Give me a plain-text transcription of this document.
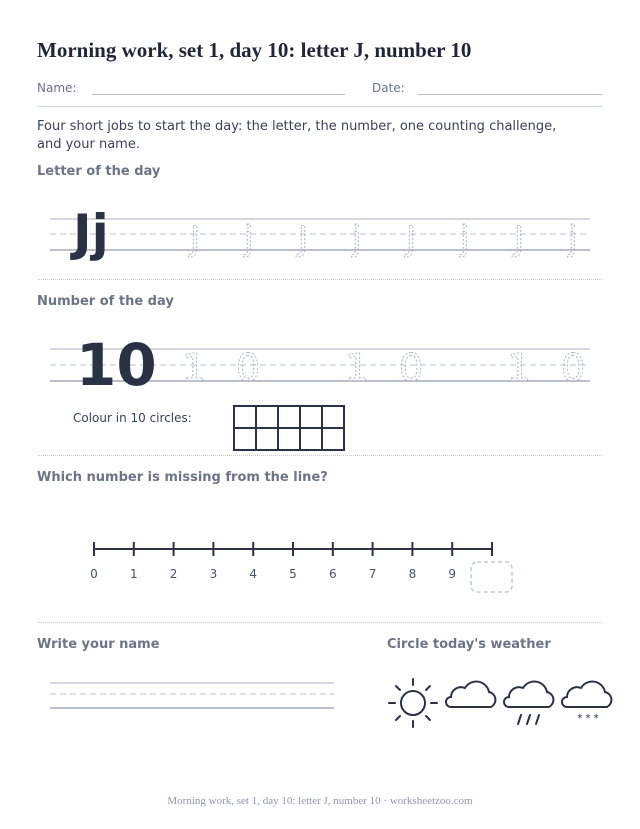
Morning work, set 1, day 10: letter J, number 10
Name:	Date:
Four short jobs to start the day: the letter, the number, one counting challenge, and your name.
Letter of the day
Jj J j J j J j J j
Number of the day
10 1 0 1 0 1 0
Colour in 10 circles:

Which number is missing from the line?
0	1	2	3	4	5	6	7	8	9
Write your name	Circle today's weather
* * *
Morning work, set 1, day 10: letter J, number 10 · worksheetzoo.com
